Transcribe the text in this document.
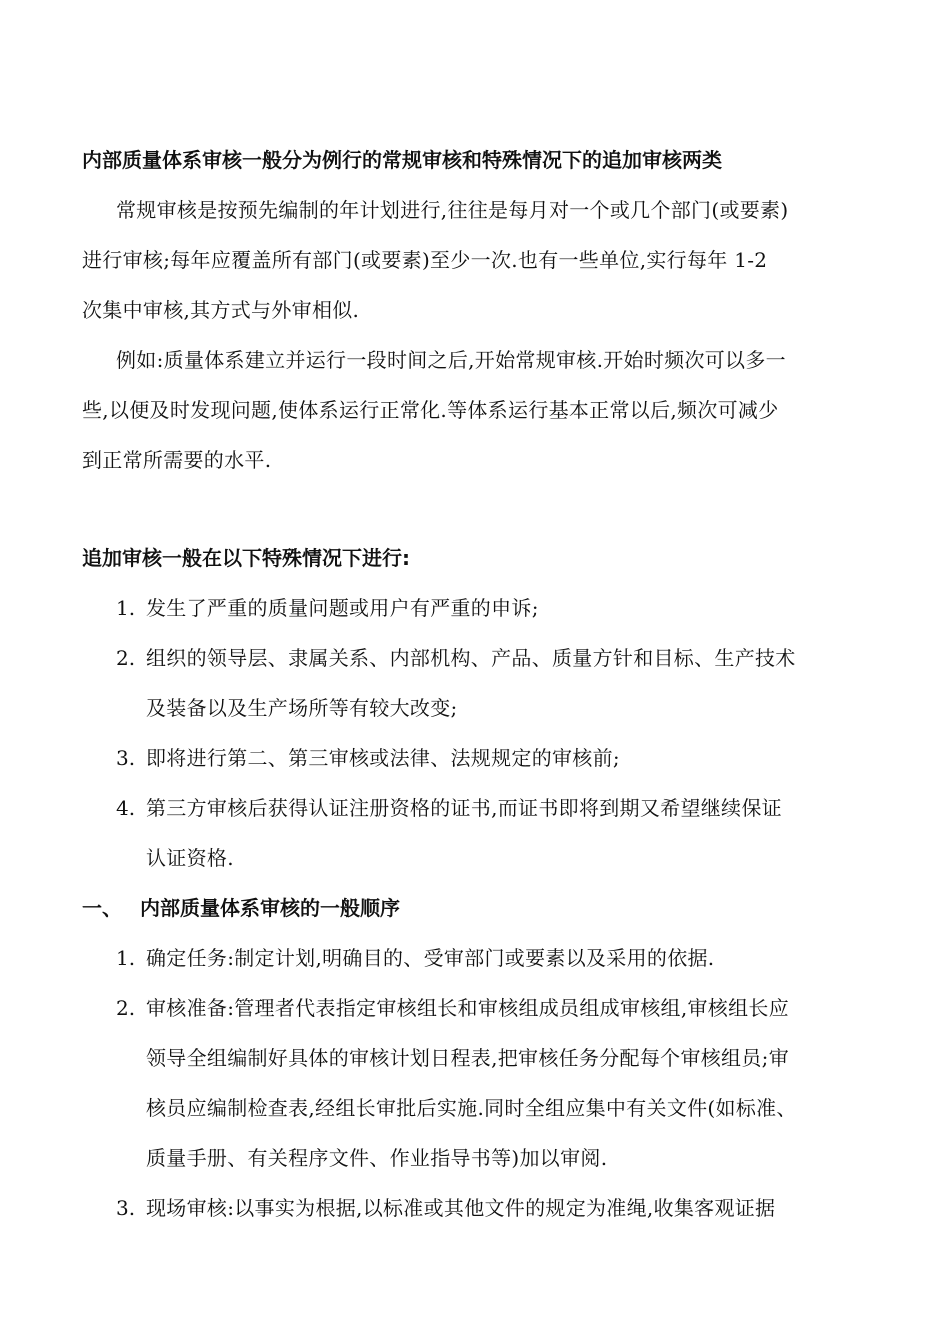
内部质量体系审核一般分为例行的常规审核和特殊情况下的追加审核两类
常规审核是按预先编制的年计划进行,往往是每月对一个或几个部门(或要素)
进行审核;每年应覆盖所有部门(或要素)至少一次.也有一些单位,实行每年 1-2
次集中审核,其方式与外审相似.
例如:质量体系建立并运行一段时间之后,开始常规审核.开始时频次可以多一
些,以便及时发现问题,使体系运行正常化.等体系运行基本正常以后,频次可减少
到正常所需要的水平.
追加审核一般在以下特殊情况下进行:
1. 发生了严重的质量问题或用户有严重的申诉;
2. 组织的领导层、隶属关系、内部机构、产品、质量方针和目标、生产技术
及装备以及生产场所等有较大改变;
3. 即将进行第二、第三审核或法律、法规规定的审核前;
4. 第三方审核后获得认证注册资格的证书,而证书即将到期又希望继续保证
认证资格.
一、 内部质量体系审核的一般顺序
1. 确定任务:制定计划,明确目的、受审部门或要素以及采用的依据.
2. 审核准备:管理者代表指定审核组长和审核组成员组成审核组,审核组长应
领导全组编制好具体的审核计划日程表,把审核任务分配每个审核组员;审
核员应编制检查表,经组长审批后实施.同时全组应集中有关文件(如标准、
质量手册、有关程序文件、作业指导书等)加以审阅.
3. 现场审核:以事实为根据,以标准或其他文件的规定为准绳,收集客观证据
